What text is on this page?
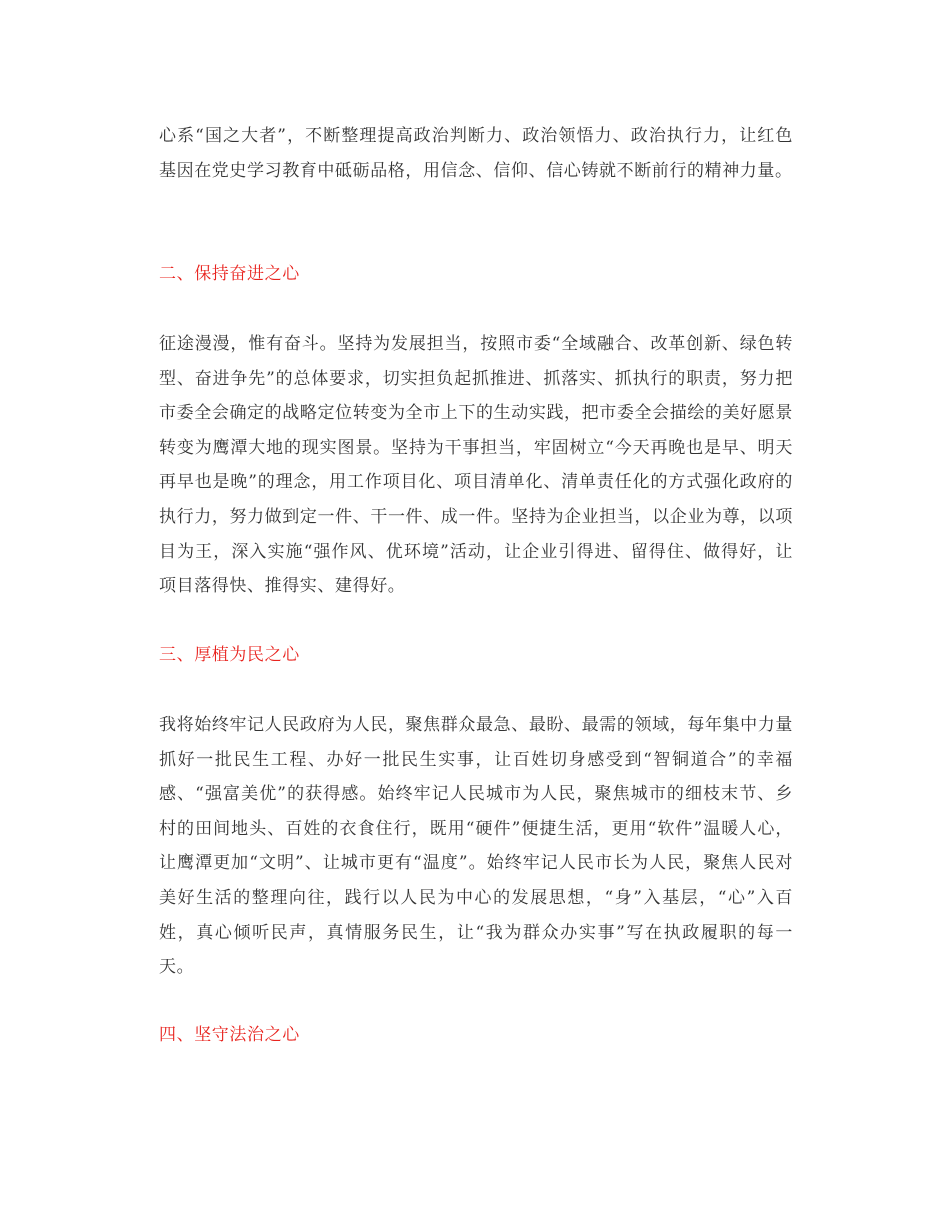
心系“国之大者”，不断整理提高政治判断力、政治领悟力、政治执行力，让红色基因在党史学习教育中砥砺品格，用信念、信仰、信心铸就不断前行的精神力量。

二、保持奋进之心

征途漫漫，惟有奋斗。坚持为发展担当，按照市委“全域融合、改革创新、绿色转型、奋进争先”的总体要求，切实担负起抓推进、抓落实、抓执行的职责，努力把市委全会确定的战略定位转变为全市上下的生动实践，把市委全会描绘的美好愿景转变为鹰潭大地的现实图景。坚持为干事担当，牢固树立“今天再晚也是早、明天再早也是晚”的理念，用工作项目化、项目清单化、清单责任化的方式强化政府的执行力，努力做到定一件、干一件、成一件。坚持为企业担当，以企业为尊，以项目为王，深入实施“强作风、优环境”活动，让企业引得进、留得住、做得好，让项目落得快、推得实、建得好。

三、厚植为民之心

我将始终牢记人民政府为人民，聚焦群众最急、最盼、最需的领域，每年集中力量抓好一批民生工程、办好一批民生实事，让百姓切身感受到“智铜道合”的幸福感、“强富美优”的获得感。始终牢记人民城市为人民，聚焦城市的细枝末节、乡村的田间地头、百姓的衣食住行，既用“硬件”便捷生活，更用“软件”温暖人心，让鹰潭更加“文明”、让城市更有“温度”。始终牢记人民市长为人民，聚焦人民对美好生活的整理向往，践行以人民为中心的发展思想，“身”入基层，“心”入百姓，真心倾听民声，真情服务民生，让“我为群众办实事”写在执政履职的每一天。

四、坚守法治之心
